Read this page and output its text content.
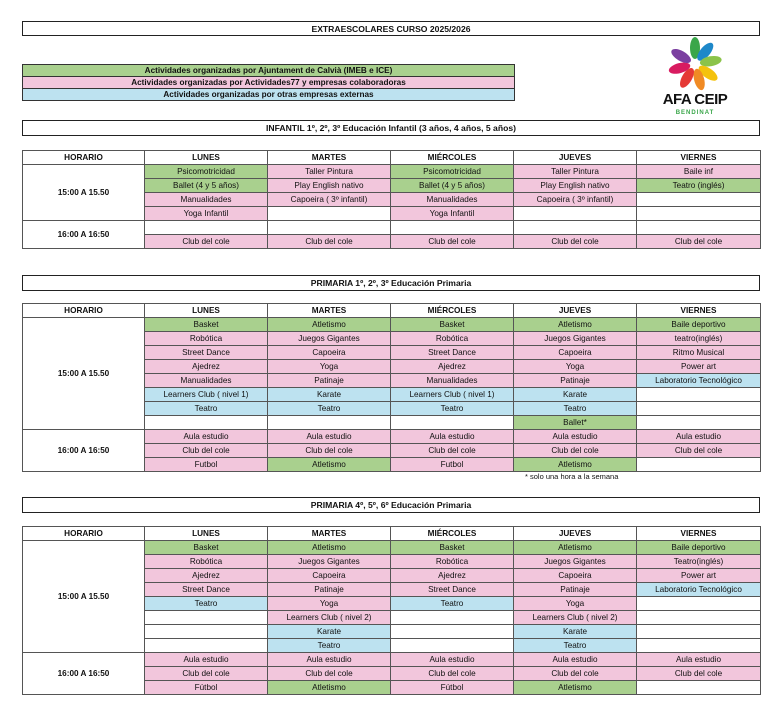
EXTRAESCOLARES CURSO 2025/2026
Actividades organizadas por Ajuntament de Calvià (IMEB e ICE)
Actividades organizadas por Actividades77 y empresas colaboradoras
Actividades organizadas por otras empresas externas	AFA CEIP
BENDINAT
INFANTIL 1º, 2º, 3º Educación Infantil (3 años, 4 años, 5 años)
HORARIO	LUNES	MARTES	MIÉRCOLES	JUEVES	VIERNES
15:00 A 15.50	Psicomotricidad	Taller Pintura	Psicomotricidad	Taller Pintura	Baile inf
	Ballet (4 y 5 años)	Play English nativo	Ballet (4 y 5 años)	Play English nativo	Teatro (inglés)
	Manualidades	Capoeira ( 3º infantil)	Manualidades	Capoeira ( 3º infantil)	
	Yoga Infantil		Yoga Infantil		
16:00 A 16:50					
	Club del cole	Club del cole	Club del cole	Club del cole	Club del cole
PRIMARIA 1º, 2º, 3º Educación Primaria
HORARIO	LUNES	MARTES	MIÉRCOLES	JUEVES	VIERNES
15:00 A 15.50	Basket	Atletismo	Basket	Atletismo	Baile deportivo
	Robótica	Juegos Gigantes	Robótica	Juegos Gigantes	teatro(inglés)
	Street Dance	Capoeira	Street Dance	Capoeira	Ritmo Musical
	Ajedrez	Yoga	Ajedrez	Yoga	Power art
	Manualidades	Patinaje	Manualidades	Patinaje	Laboratorio Tecnológico
	Learners Club ( nivel 1)	Karate	Learners Club ( nivel 1)	Karate	
	Teatro	Teatro	Teatro	Teatro	
				Ballet*	
16:00 A 16:50	Aula estudio	Aula estudio	Aula estudio	Aula estudio	Aula estudio
	Club del cole	Club del cole	Club del cole	Club del cole	Club del cole
	Futbol	Atletismo	Futbol	Atletismo	
* solo una hora a la semana
PRIMARIA 4º, 5º, 6º Educación Primaria
HORARIO	LUNES	MARTES	MIÉRCOLES	JUEVES	VIERNES
15:00 A 15.50	Basket	Atletismo	Basket	Atletismo	Baile deportivo
	Robótica	Juegos Gigantes	Robótica	Juegos Gigantes	Teatro(inglés)
	Ajedrez	Capoeira	Ajedrez	Capoeira	Power art
	Street Dance	Patinaje	Street Dance	Patinaje	Laboratorio Tecnológico
	Teatro	Yoga	Teatro	Yoga	
		Learners Club ( nivel 2)		Learners Club ( nivel 2)	
		Karate		Karate	
		Teatro		Teatro	
16:00 A 16:50	Aula estudio	Aula estudio	Aula estudio	Aula estudio	Aula estudio
	Club del cole	Club del cole	Club del cole	Club del cole	Club del cole
	Fútbol	Atletismo	Fútbol	Atletismo	
